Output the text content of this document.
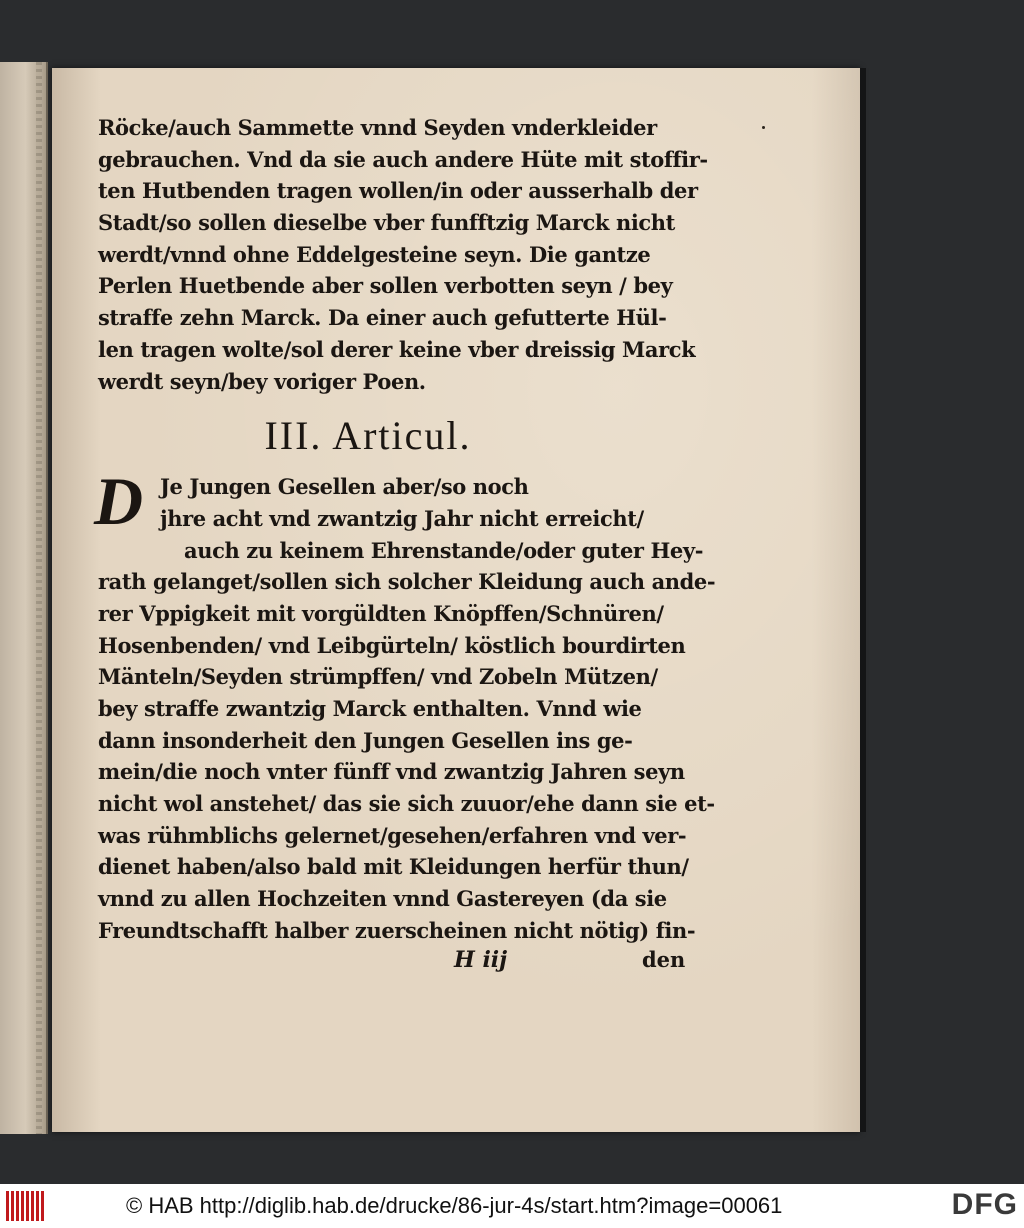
Röcke/auch Sammette vnnd Seyden vnderkleider
gebrauchen. Vnd da sie auch andere Hüte mit stoffir-
ten Hutbenden tragen wollen/in oder ausserhalb der
Stadt/so sollen dieselbe vber funfftzig Marck nicht
werdt/vnnd ohne Eddelgesteine seyn. Die gantze
Perlen Huetbende aber sollen verbotten seyn / bey
straffe zehn Marck. Da einer auch gefutterte Hül-
len tragen wolte/sol derer keine vber dreissig Marck
werdt seyn/bey voriger Poen.
III. Articul.
D Je Jungen Gesellen aber/so noch
jhre acht vnd zwantzig Jahr nicht erreicht/
auch zu keinem Ehrenstande/oder guter Hey-
rath gelanget/sollen sich solcher Kleidung auch ande-
rer Vppigkeit mit vorgüldten Knöpffen/Schnüren/
Hosenbenden/ vnd Leibgürteln/ köstlich bourdirten
Mänteln/Seyden strümpffen/ vnd Zobeln Mützen/
bey straffe zwantzig Marck enthalten. Vnnd wie
dann insonderheit den Jungen Gesellen ins ge-
mein/die noch vnter fünff vnd zwantzig Jahren seyn
nicht wol anstehet/ das sie sich zuuor/ehe dann sie et-
was rühmblichs gelernet/gesehen/erfahren vnd ver-
dienet haben/also bald mit Kleidungen herfür thun/
vnnd zu allen Hochzeiten vnnd Gastereyen (da sie
Freundtschafft halber zuerscheinen nicht nötig) fin-
H iij	den
© HAB http://diglib.hab.de/drucke/86-jur-4s/start.htm?image=00061	DFG
